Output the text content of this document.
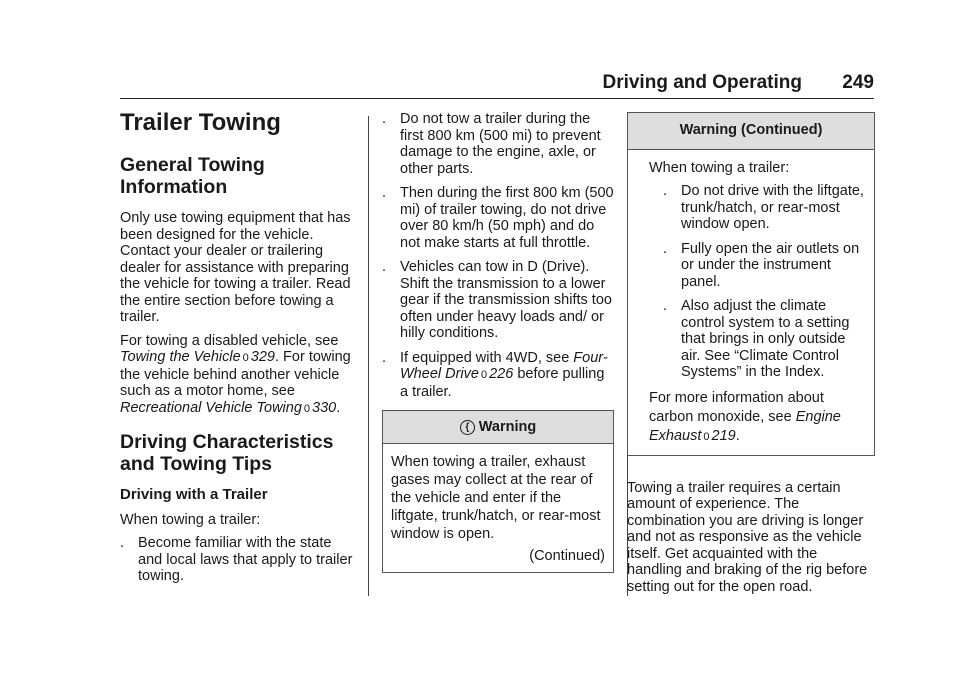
Driving and Operating 249
Trailer Towing
General Towing Information

Only use towing equipment that has been designed for the vehicle. Contact your dealer or trailering dealer for assistance with preparing the vehicle for towing a trailer. Read the entire section before towing a trailer.

For towing a disabled vehicle, see Towing the Vehicle 0 329. For towing the vehicle behind another vehicle such as a motor home, see Recreational Vehicle Towing 0 330.

Driving Characteristics and Towing Tips
Driving with a Trailer

When towing a trailer:

. Become familiar with the state and local laws that apply to trailer towing.
. Do not tow a trailer during the first 800 km (500 mi) to prevent damage to the engine, axle, or other parts.
. Then during the first 800 km (500 mi) of trailer towing, do not drive over 80 km/h (50 mph) and do not make starts at full throttle.
. Vehicles can tow in D (Drive). Shift the transmission to a lower gear if the transmission shifts too often under heavy loads and/ or hilly conditions.
. If equipped with 4WD, see Four-Wheel Drive 0 226 before pulling a trailer.
{ Warning
When towing a trailer, exhaust gases may collect at the rear of the vehicle and enter if the liftgate, trunk/hatch, or rear-most window is open.
(Continued)
Warning (Continued)

When towing a trailer:

. Do not drive with the liftgate, trunk/hatch, or rear-most window open.
. Fully open the air outlets on or under the instrument panel.
. Also adjust the climate control system to a setting that brings in only outside air. See “Climate Control Systems” in the Index.

For more information about carbon monoxide, see Engine Exhaust 0 219.

Towing a trailer requires a certain amount of experience. The combination you are driving is longer and not as responsive as the vehicle itself. Get acquainted with the handling and braking of the rig before setting out for the open road.
